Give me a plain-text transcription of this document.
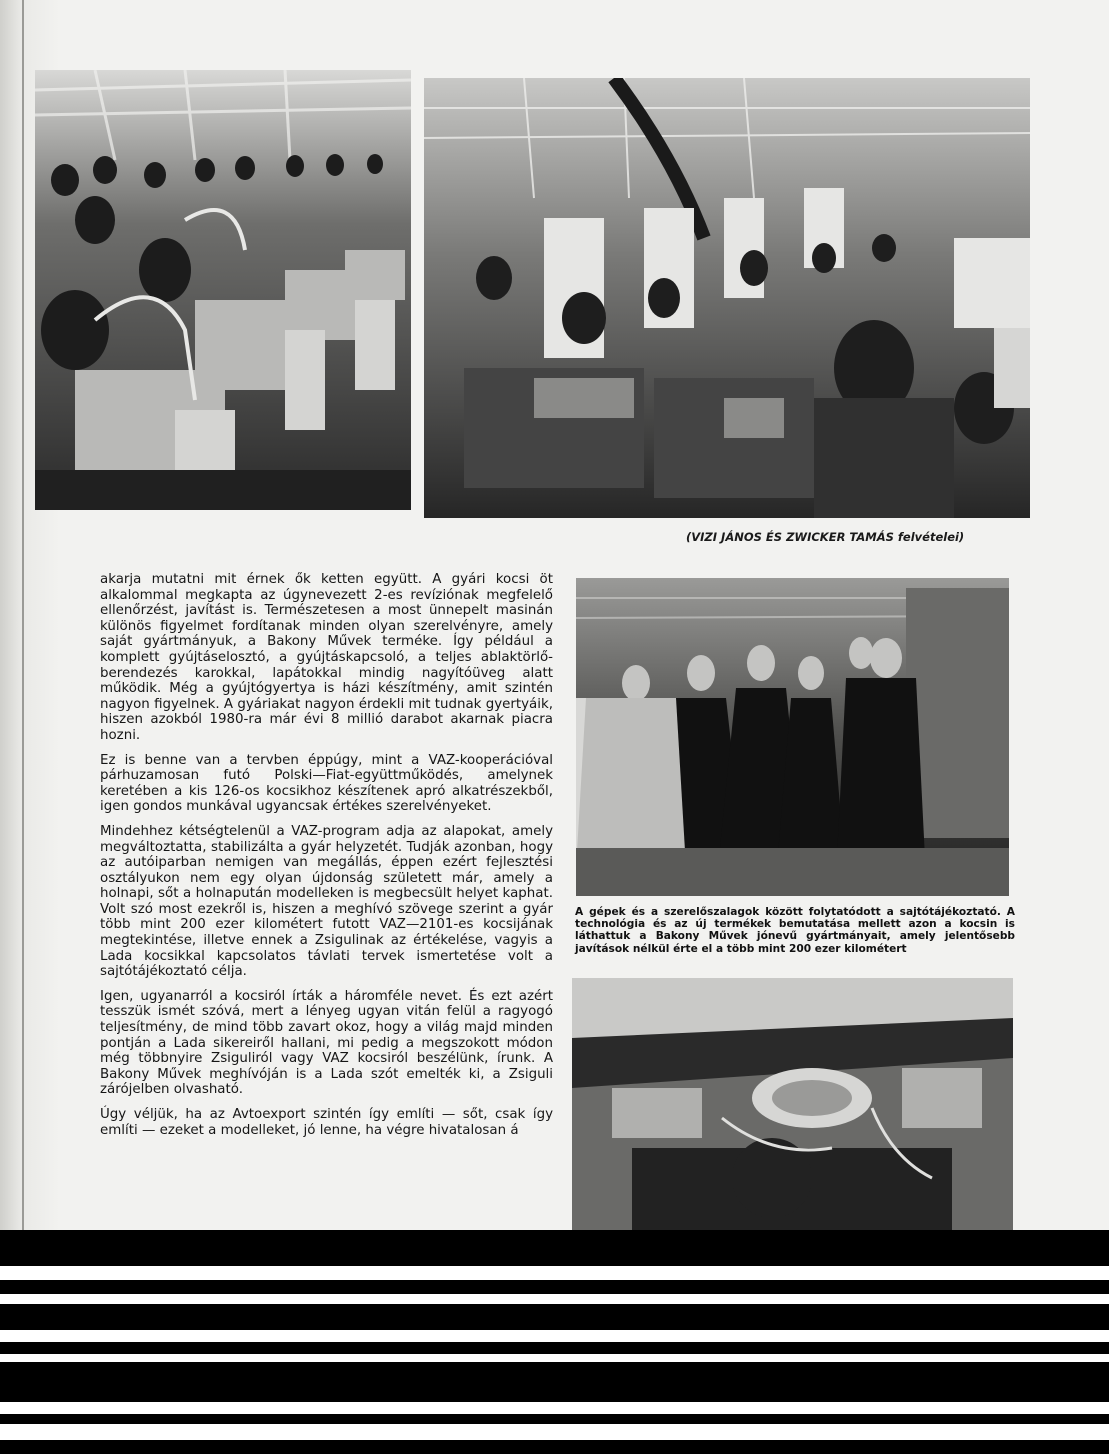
(VIZI JÁNOS ÉS ZWICKER TAMÁS felvételei)

akarja mutatni mit érnek ők ketten együtt. A gyári kocsi öt alkalommal megkapta az úgynevezett 2-es revíziónak megfelelő ellenőrzést, javítást is. Természetesen a most ünnepelt masinán különös figyelmet fordítanak minden olyan szerelvényre, amely saját gyártmányuk, a Bakony Művek terméke. Így például a komplett gyújtáselosztó, a gyújtáskapcsoló, a teljes ablaktörlő-berendezés karokkal, lapátokkal mindig nagyítóüveg alatt működik. Még a gyújtógyertya is házi készítmény, amit szintén nagyon figyelnek. A gyáriakat nagyon érdekli mit tudnak gyertyáik, hiszen azokból 1980-ra már évi 8 millió darabot akarnak piacra hozni.

Ez is benne van a tervben éppúgy, mint a VAZ-kooperációval párhuzamosan futó Polski—Fiat-együttműködés, amelynek keretében a kis 126-os kocsikhoz készítenek apró alkatrészekből, igen gondos munkával ugyancsak értékes szerelvényeket.

Mindehhez kétségtelenül a VAZ-program adja az alapokat, amely megváltoztatta, stabilizálta a gyár helyzetét. Tudják azonban, hogy az autóiparban nemigen van megállás, éppen ezért fejlesztési osztályukon nem egy olyan újdonság született már, amely a holnapi, sőt a holnapután modelleken is megbecsült helyet kaphat. Volt szó most ezekről is, hiszen a meghívó szövege szerint a gyár több mint 200 ezer kilométert futott VAZ—2101-es kocsijának megtekintése, illetve ennek a Zsigulinak az értékelése, vagyis a Lada kocsikkal kapcsolatos távlati tervek ismertetése volt a sajtótájékoztató célja.

Igen, ugyanarról a kocsiról írták a háromféle nevet. És ezt azért tesszük ismét szóvá, mert a lényeg ugyan vitán felül a ragyogó teljesítmény, de mind több zavart okoz, hogy a világ majd minden pontján a Lada sikereiről hallani, mi pedig a megszokott módon még többnyire Zsiguliról vagy VAZ kocsiról beszélünk, írunk. A Bakony Művek meghívóján is a Lada szót emelték ki, a Zsiguli zárójelben olvasható.

Úgy véljük, ha az Avtoexport szintén így említi — sőt, csak így említi — ezeket a modelleket, jó lenne, ha végre hivatalosan á

A gépek és a szerelőszalagok között folytatódott a sajtótájékoztató. A technológia és az új termékek bemutatása mellett azon a kocsin is láthattuk a Bakony Művek jónevű gyártmányait, amely jelentősebb javítások nélkül érte el a több mint 200 ezer kilométert
